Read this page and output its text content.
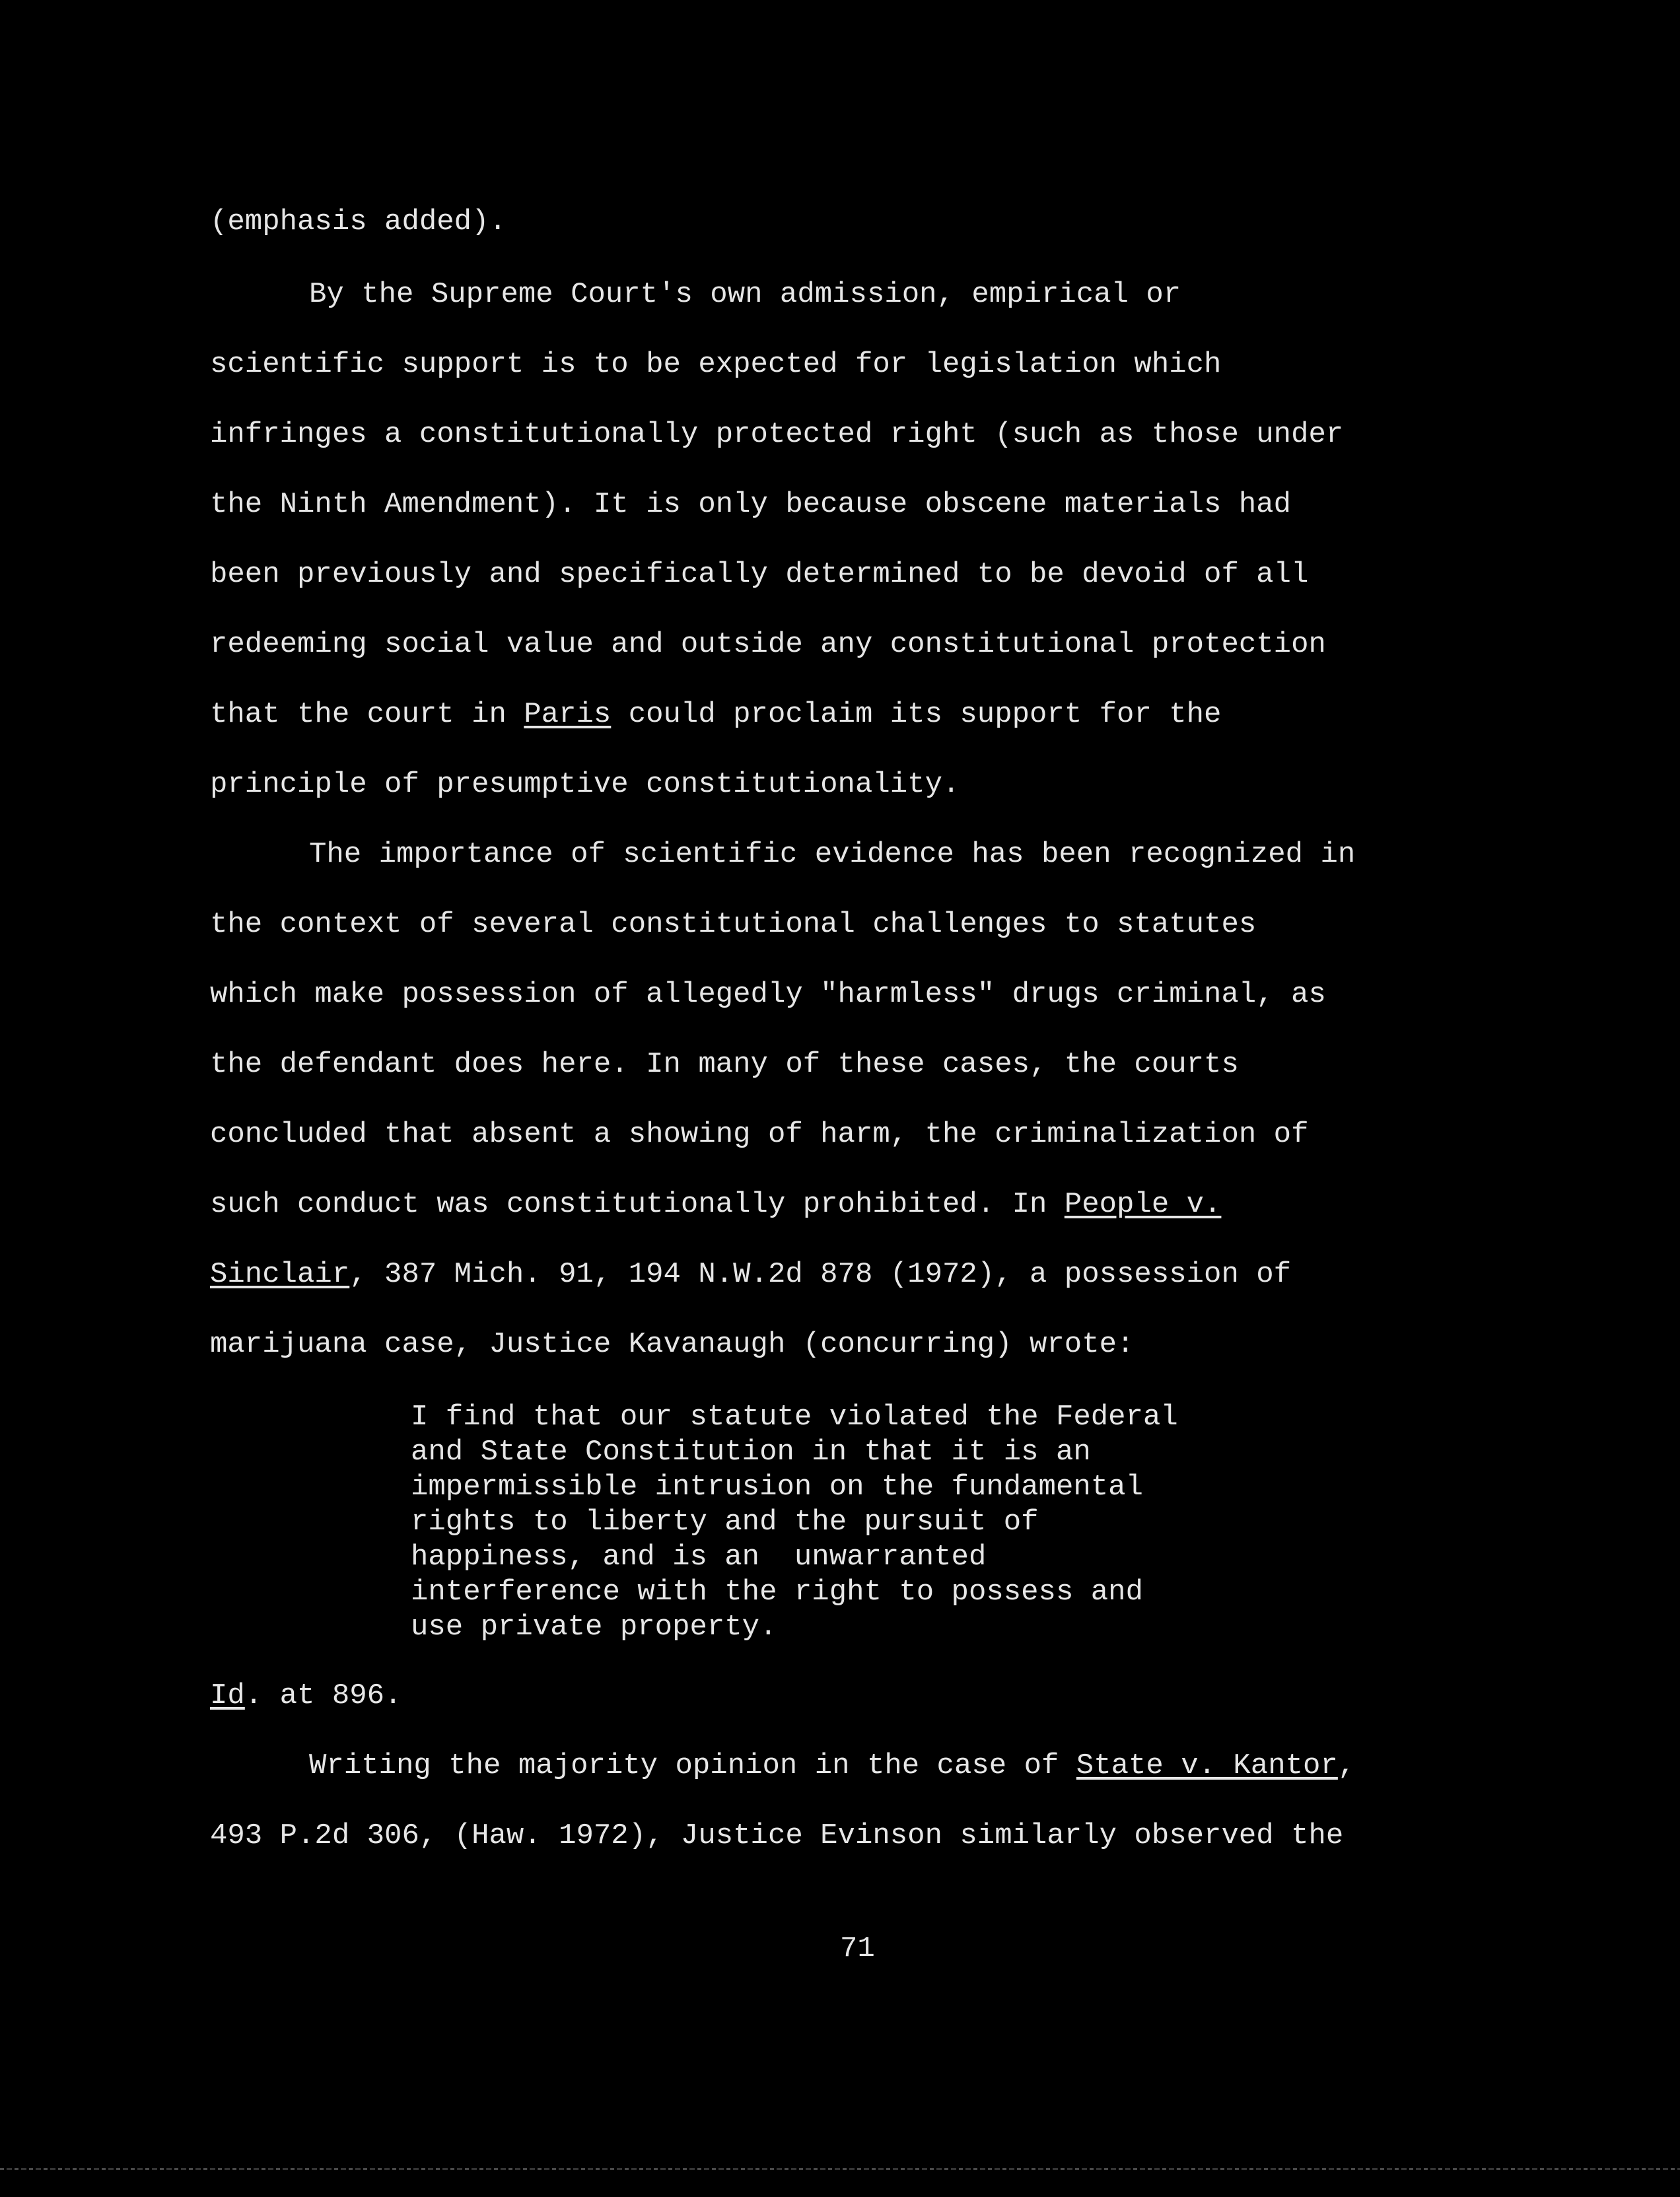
(emphasis added).

By the Supreme Court's own admission, empirical or

scientific support is to be expected for legislation which

infringes a constitutionally protected right (such as those under

the Ninth Amendment). It is only because obscene materials had

been previously and specifically determined to be devoid of all

redeeming social value and outside any constitutional protection

that the court in Paris could proclaim its support for the

principle of presumptive constitutionality.

The importance of scientific evidence has been recognized in

the context of several constitutional challenges to statutes

which make possession of allegedly "harmless" drugs criminal, as

the defendant does here. In many of these cases, the courts

concluded that absent a showing of harm, the criminalization of

such conduct was constitutionally prohibited. In People v.

Sinclair, 387 Mich. 91, 194 N.W.2d 878 (1972), a possession of

marijuana case, Justice Kavanaugh (concurring) wrote:

I find that our statute violated the Federal
and State Constitution in that it is an
impermissible intrusion on the fundamental
rights to liberty and the pursuit of
happiness, and is an  unwarranted
interference with the right to possess and
use private property.

Id. at 896.

Writing the majority opinion in the case of State v. Kantor,

493 P.2d 306, (Haw. 1972), Justice Evinson similarly observed the

71
